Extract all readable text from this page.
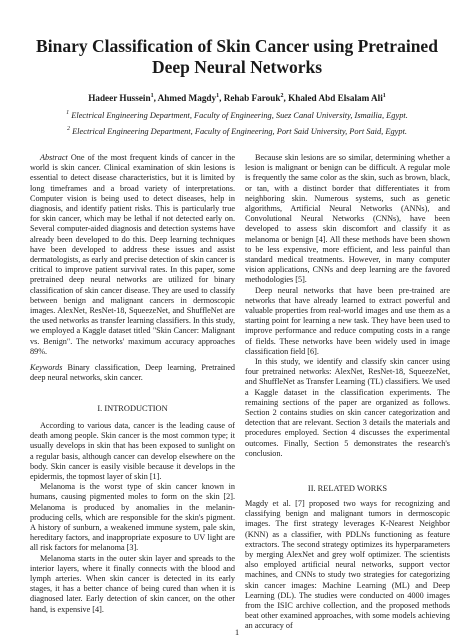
Binary Classification of Skin Cancer using Pretrained
Deep Neural Networks
Hadeer Hussein$^1$, Ahmed Magdy$^1$, Rehab Farouk$^2$, Khaled Abd Elsalam Ali$^1$
$^1$ Electrical Engineering Department, Faculty of Engineering, Suez Canal University, Ismailia, Egypt.
$^2$ Electrical Engineering Department, Faculty of Engineering, Port Said University, Port Said, Egypt.

Abstract One of the most frequent kinds of cancer in the world is skin cancer. Clinical examination of skin lesions is essential to detect disease characteristics, but it is limited by long timeframes and a broad variety of interpretations. Computer vision is being used to detect diseases, help in diagnosis, and identify patient risks. This is particularly true for skin cancer, which may be lethal if not detected early on. Several computer-aided diagnosis and detection systems have already been developed to do this. Deep learning techniques have been developed to address these issues and assist dermatologists, as early and precise detection of skin cancer is critical to improve patient survival rates. In this paper, some pretrained deep neural networks are utilized for binary classification of skin cancer disease. They are used to classify between benign and malignant cancers in dermoscopic images. AlexNet, ResNet-18, SqueezeNet, and ShuffleNet are the used networks as transfer learning classifiers. In this study, we employed a Kaggle dataset titled "Skin Cancer: Malignant vs. Benign". The networks' maximum accuracy approaches 89%.

Keywords Binary classification, Deep learning, Pretrained deep neural networks, skin cancer.

I. INTRODUCTION

According to various data, cancer is the leading cause of death among people. Skin cancer is the most common type; it usually develops in skin that has been exposed to sunlight on a regular basis, although cancer can develop elsewhere on the body. Skin cancer is easily visible because it develops in the epidermis, the topmost layer of skin [1].

Melanoma is the worst type of skin cancer known in humans, causing pigmented moles to form on the skin [2]. Melanoma is produced by anomalies in the melanin-producing cells, which are responsible for the skin's pigment. A history of sunburn, a weakened immune system, pale skin, hereditary factors, and inappropriate exposure to UV light are all risk factors for melanoma [3].

Melanoma starts in the outer skin layer and spreads to the interior layers, where it finally connects with the blood and lymph arteries. When skin cancer is detected in its early stages, it has a better chance of being cured than when it is diagnosed later. Early detection of skin cancer, on the other hand, is expensive [4].

Because skin lesions are so similar, determining whether a lesion is malignant or benign can be difficult. A regular mole is frequently the same color as the skin, such as brown, black, or tan, with a distinct border that differentiates it from neighboring skin. Numerous systems, such as genetic algorithms, Artificial Neural Networks (ANNs), and Convolutional Neural Networks (CNNs), have been developed to assess skin discomfort and classify it as melanoma or benign [4]. All these methods have been shown to be less expensive, more efficient, and less painful than standard medical treatments. However, in many computer vision applications, CNNs and deep learning are the favored methodologies [5].

Deep neural networks that have been pre-trained are networks that have already learned to extract powerful and valuable properties from real-world images and use them as a starting point for learning a new task. They have been used to improve performance and reduce computing costs in a range of fields. These networks have been widely used in image classification field [6].

In this study, we identify and classify skin cancer using four pretrained networks: AlexNet, ResNet-18, SqueezeNet, and ShuffleNet as Transfer Learning (TL) classifiers. We used a Kaggle dataset in the classification experiments. The remaining sections of the paper are organized as follows. Section 2 contains studies on skin cancer categorization and detection that are relevant. Section 3 details the materials and procedures employed. Section 4 discusses the experimental outcomes. Finally, Section 5 demonstrates the research's conclusion.

II. RELATED WORKS

Magdy et al. [7] proposed two ways for recognizing and classifying benign and malignant tumors in dermoscopic images. The first strategy leverages K-Nearest Neighbor (KNN) as a classifier, with PDLNs functioning as feature extractors. The second strategy optimizes its hyperparameters by merging AlexNet and grey wolf optimizer. The scientists also employed artificial neural networks, support vector machines, and CNNs to study two strategies for categorizing skin cancer images: Machine Learning (ML) and Deep Learning (DL). The studies were conducted on 4000 images from the ISIC archive collection, and the proposed methods beat other examined approaches, with some models achieving an accuracy of

1
